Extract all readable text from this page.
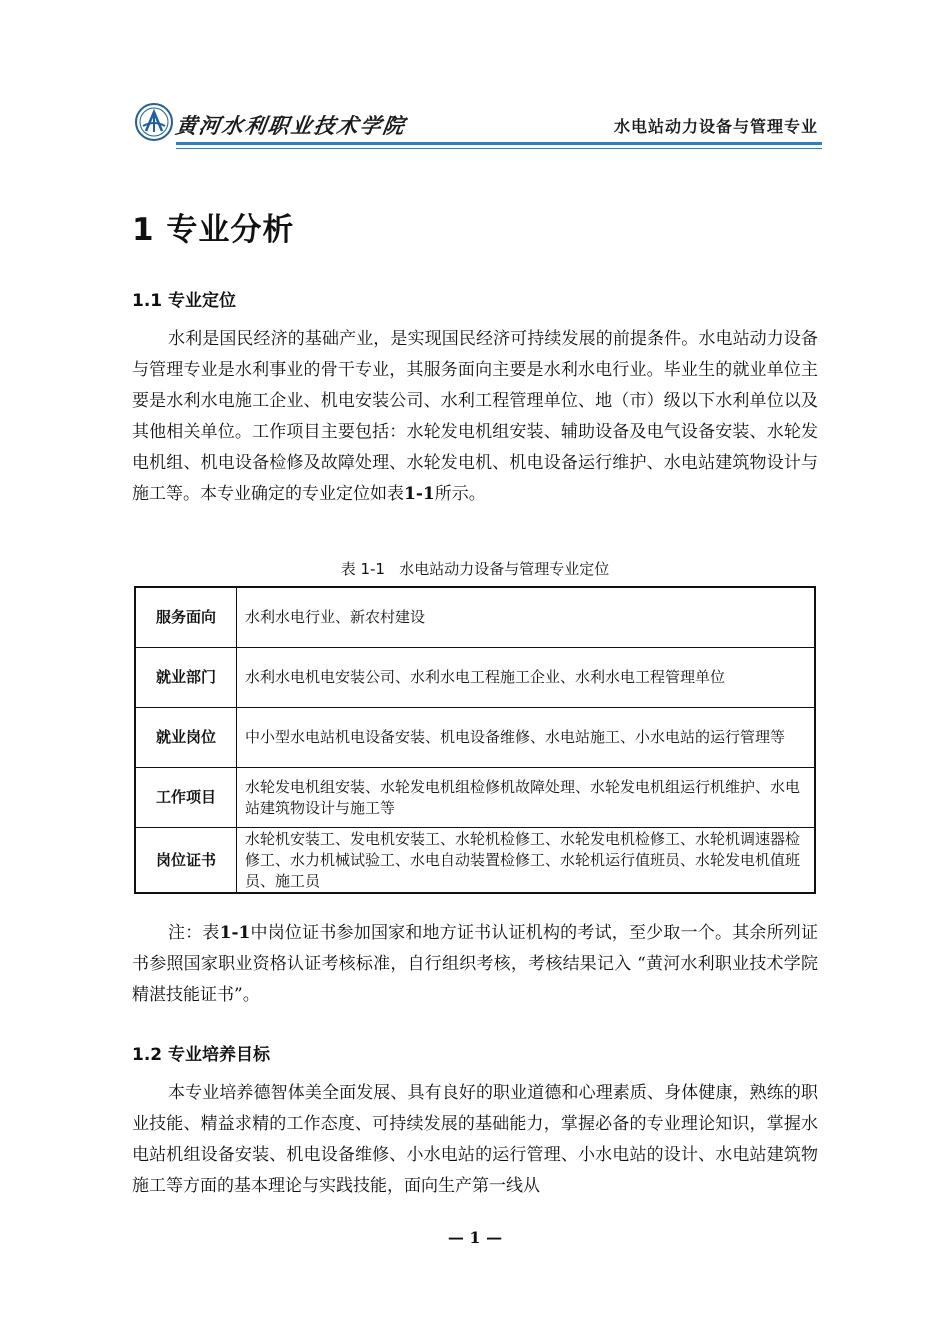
黄河水利职业技术学院	水电站动力设备与管理专业
1 专业分析
1.1 专业定位

水利是国民经济的基础产业，是实现国民经济可持续发展的前提条件。水电站动力设备与管理专业是水利事业的骨干专业，其服务面向主要是水利水电行业。毕业生的就业单位主要是水利水电施工企业、机电安装公司、水利工程管理单位、地（市）级以下水利单位以及其他相关单位。工作项目主要包括：水轮发电机组安装、辅助设备及电气设备安装、水轮发电机组、机电设备检修及故障处理、水轮发电机、机电设备运行维护、水电站建筑物设计与施工等。本专业确定的专业定位如表1-1所示。

表 1-1 水电站动力设备与管理专业定位
服务面向	水利水电行业、新农村建设
就业部门	水利水电机电安装公司、水利水电工程施工企业、水利水电工程管理单位
就业岗位	中小型水电站机电设备安装、机电设备维修、水电站施工、小水电站的运行管理等
工作项目	水轮发电机组安装、水轮发电机组检修机故障处理、水轮发电机组运行机维护、水电站建筑物设计与施工等
岗位证书	水轮机安装工、发电机安装工、水轮机检修工、水轮发电机检修工、水轮机调速器检修工、水力机械试验工、水电自动装置检修工、水轮机运行值班员、水轮发电机值班员、施工员

注：表1-1中岗位证书参加国家和地方证书认证机构的考试，至少取一个。其余所列证书参照国家职业资格认证考核标准，自行组织考核，考核结果记入 “黄河水利职业技术学院精湛技能证书”。

1.2 专业培养目标

本专业培养德智体美全面发展、具有良好的职业道德和心理素质、身体健康，熟练的职业技能、精益求精的工作态度、可持续发展的基础能力，掌握必备的专业理论知识，掌握水电站机组设备安装、机电设备维修、小水电站的运行管理、小水电站的设计、水电站建筑物施工等方面的基本理论与实践技能，面向生产第一线从

— 1 —
